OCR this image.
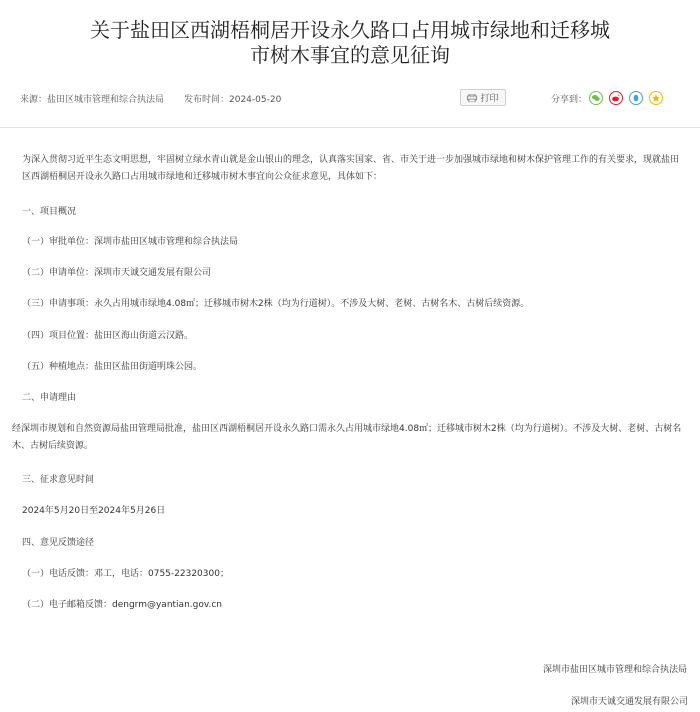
关于盐田区西湖梧桐居开设永久路口占用城市绿地和迁移城
市树木事宜的意见征询
来源：盐田区城市管理和综合执法局 发布时间：2024-05-20	打印	分享到：

为深入贯彻习近平生态文明思想，牢固树立绿水青山就是金山银山的理念，认真落实国家、省、市关于进一步加强城市绿地和树木保护管理工作的有关要求，现就盐田区西湖梧桐居开设永久路口占用城市绿地和迁移城市树木事宜向公众征求意见，具体如下：

一、项目概况

（一）审批单位：深圳市盐田区城市管理和综合执法局

（二）申请单位：深圳市天诚交通发展有限公司

（三）申请事项：永久占用城市绿地4.08㎡；迁移城市树木2株（均为行道树）。不涉及大树、老树、古树名木、古树后续资源。

（四）项目位置：盐田区海山街道云汉路。

（五）种植地点：盐田区盐田街道明珠公园。

二、申请理由

经深圳市规划和自然资源局盐田管理局批准，盐田区西湖梧桐居开设永久路口需永久占用城市绿地4.08㎡；迁移城市树木2株（均为行道树）。不涉及大树、老树、古树名木、古树后续资源。

三、征求意见时间

2024年5月20日至2024年5月26日

四、意见反馈途径

（一）电话反馈：邓工，电话：0755-22320300；

（二）电子邮箱反馈：dengrm@yantian.gov.cn

深圳市盐田区城市管理和综合执法局
深圳市天诚交通发展有限公司
